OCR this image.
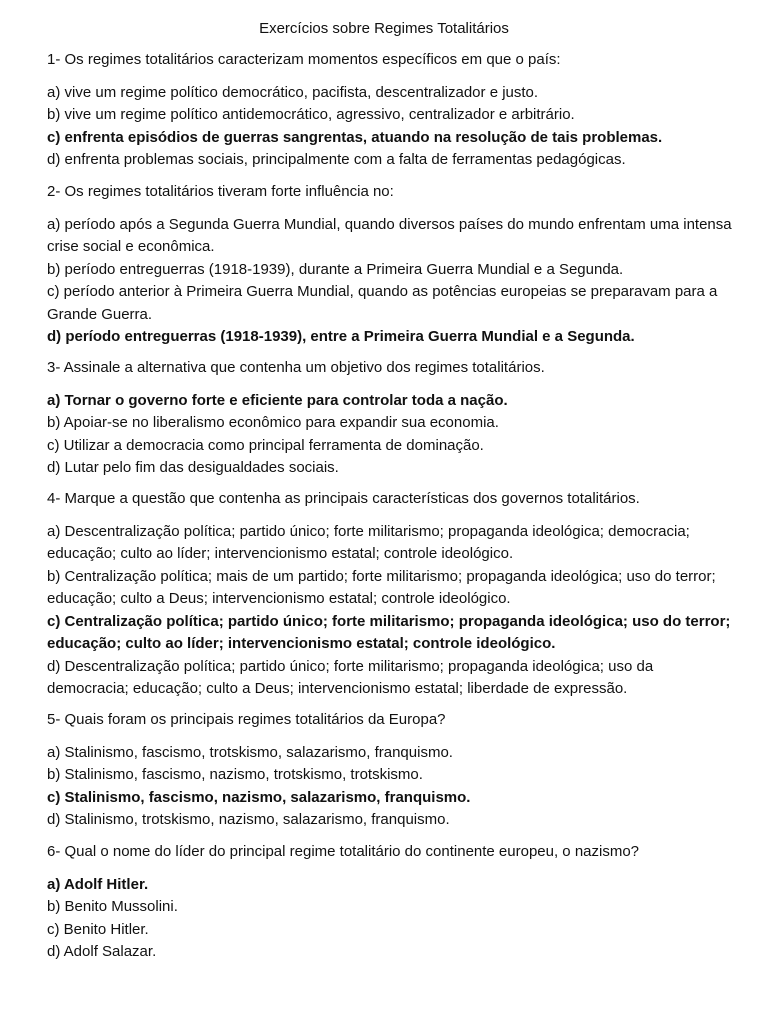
Exercícios sobre Regimes Totalitários
1- Os regimes totalitários caracterizam momentos específicos em que o país:
a) vive um regime político democrático, pacifista, descentralizador e justo.
b) vive um regime político antidemocrático, agressivo, centralizador e arbitrário.
c) enfrenta episódios de guerras sangrentas, atuando na resolução de tais problemas.
d) enfrenta problemas sociais, principalmente com a falta de ferramentas pedagógicas.
2- Os regimes totalitários tiveram forte influência no:
a) período após a Segunda Guerra Mundial, quando diversos países do mundo enfrentam uma intensa crise social e econômica.
b) período entreguerras (1918-1939), durante a Primeira Guerra Mundial e a Segunda.
c) período anterior à Primeira Guerra Mundial, quando as potências europeias se preparavam para a Grande Guerra.
d) período entreguerras (1918-1939), entre a Primeira Guerra Mundial e a Segunda.
3- Assinale a alternativa que contenha um objetivo dos regimes totalitários.
a) Tornar o governo forte e eficiente para controlar toda a nação.
b) Apoiar-se no liberalismo econômico para expandir sua economia.
c) Utilizar a democracia como principal ferramenta de dominação.
d) Lutar pelo fim das desigualdades sociais.
4- Marque a questão que contenha as principais características dos governos totalitários.
a) Descentralização política; partido único; forte militarismo; propaganda ideológica; democracia; educação; culto ao líder; intervencionismo estatal; controle ideológico.
b) Centralização política; mais de um partido; forte militarismo; propaganda ideológica; uso do terror; educação; culto a Deus; intervencionismo estatal; controle ideológico.
c) Centralização política; partido único; forte militarismo; propaganda ideológica; uso do terror; educação; culto ao líder; intervencionismo estatal; controle ideológico.
d) Descentralização política; partido único; forte militarismo; propaganda ideológica; uso da democracia; educação; culto a Deus; intervencionismo estatal; liberdade de expressão.
5- Quais foram os principais regimes totalitários da Europa?
a) Stalinismo, fascismo, trotskismo, salazarismo, franquismo.
b) Stalinismo, fascismo, nazismo, trotskismo, trotskismo.
c) Stalinismo, fascismo, nazismo, salazarismo, franquismo.
d) Stalinismo, trotskismo, nazismo, salazarismo, franquismo.
6- Qual o nome do líder do principal regime totalitário do continente europeu, o nazismo?
a) Adolf Hitler.
b) Benito Mussolini.
c) Benito Hitler.
d) Adolf Salazar.
